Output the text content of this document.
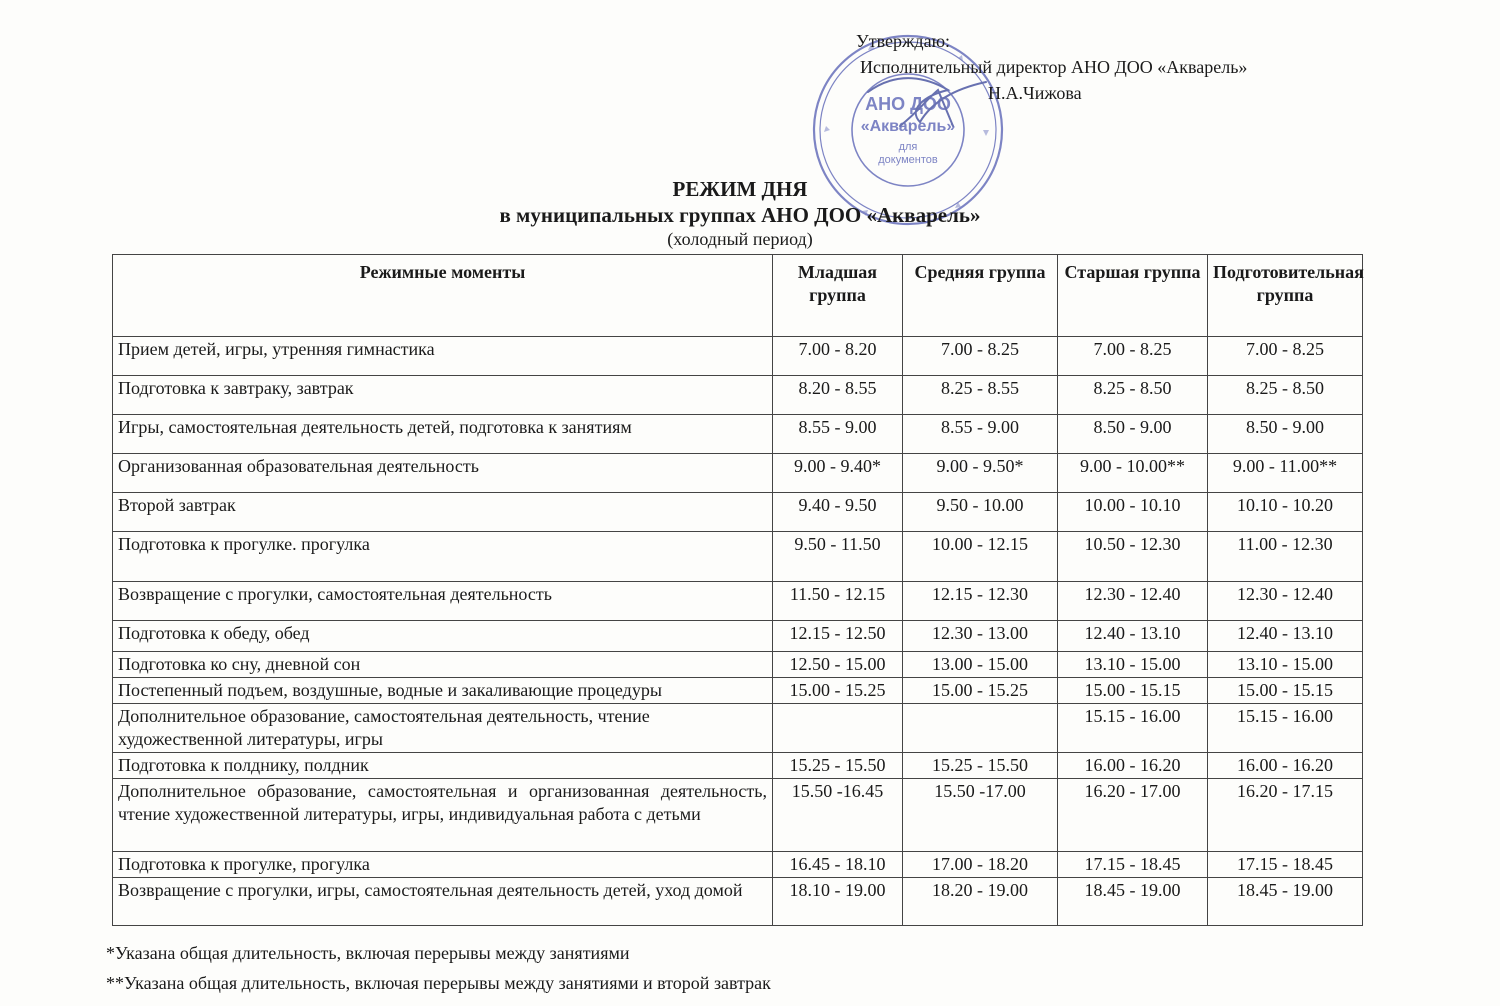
АНО ДОО
«Акварель»
для
документов
Утверждаю:
Исполнительный директор АНО ДОО «Акварель»
Н.А.Чижова
РЕЖИМ ДНЯ
в муниципальных группах АНО ДОО «Акварель»
(холодный период)
Режимные моменты	Младшая группа	Средняя группа	Старшая группа	Подготовительная группа
Прием детей, игры, утренняя гимнастика	7.00 - 8.20	7.00 - 8.25	7.00 - 8.25	7.00 - 8.25
Подготовка к завтраку, завтрак	8.20 - 8.55	8.25 - 8.55	8.25 - 8.50	8.25 - 8.50
Игры, самостоятельная деятельность детей, подготовка к занятиям	8.55 - 9.00	8.55 - 9.00	8.50 - 9.00	8.50 - 9.00
Организованная образовательная деятельность	9.00 - 9.40*	9.00 - 9.50*	9.00 - 10.00**	9.00 - 11.00**
Второй завтрак	9.40 - 9.50	9.50 - 10.00	10.00 - 10.10	10.10 - 10.20
Подготовка к прогулке. прогулка	9.50 - 11.50	10.00 - 12.15	10.50 - 12.30	11.00 - 12.30
Возвращение с прогулки, самостоятельная деятельность	11.50 - 12.15	12.15 - 12.30	12.30 - 12.40	12.30 - 12.40
Подготовка к обеду, обед	12.15 - 12.50	12.30 - 13.00	12.40 - 13.10	12.40 - 13.10
Подготовка ко сну, дневной сон	12.50 - 15.00	13.00 - 15.00	13.10 - 15.00	13.10 - 15.00
Постепенный подъем, воздушные, водные и закаливающие процедуры	15.00 - 15.25	15.00 - 15.25	15.00 - 15.15	15.00 - 15.15
Дополнительное образование, самостоятельная деятельность, чтение художественной литературы, игры			15.15 - 16.00	15.15 - 16.00
Подготовка к полднику, полдник	15.25 - 15.50	15.25 - 15.50	16.00 - 16.20	16.00 - 16.20
Дополнительное образование, самостоятельная и организованная деятельность, чтение художественной литературы, игры, индивидуальная работа с детьми	15.50 -16.45	15.50 -17.00	16.20 - 17.00	16.20 - 17.15
Подготовка к прогулке, прогулка	16.45 - 18.10	17.00 - 18.20	17.15 - 18.45	17.15 - 18.45
Возвращение с прогулки, игры, самостоятельная деятельность детей, уход домой	18.10 - 19.00	18.20 - 19.00	18.45 - 19.00	18.45 - 19.00
*Указана общая длительность, включая перерывы между занятиями
**Указана общая длительность, включая перерывы между занятиями и второй завтрак
